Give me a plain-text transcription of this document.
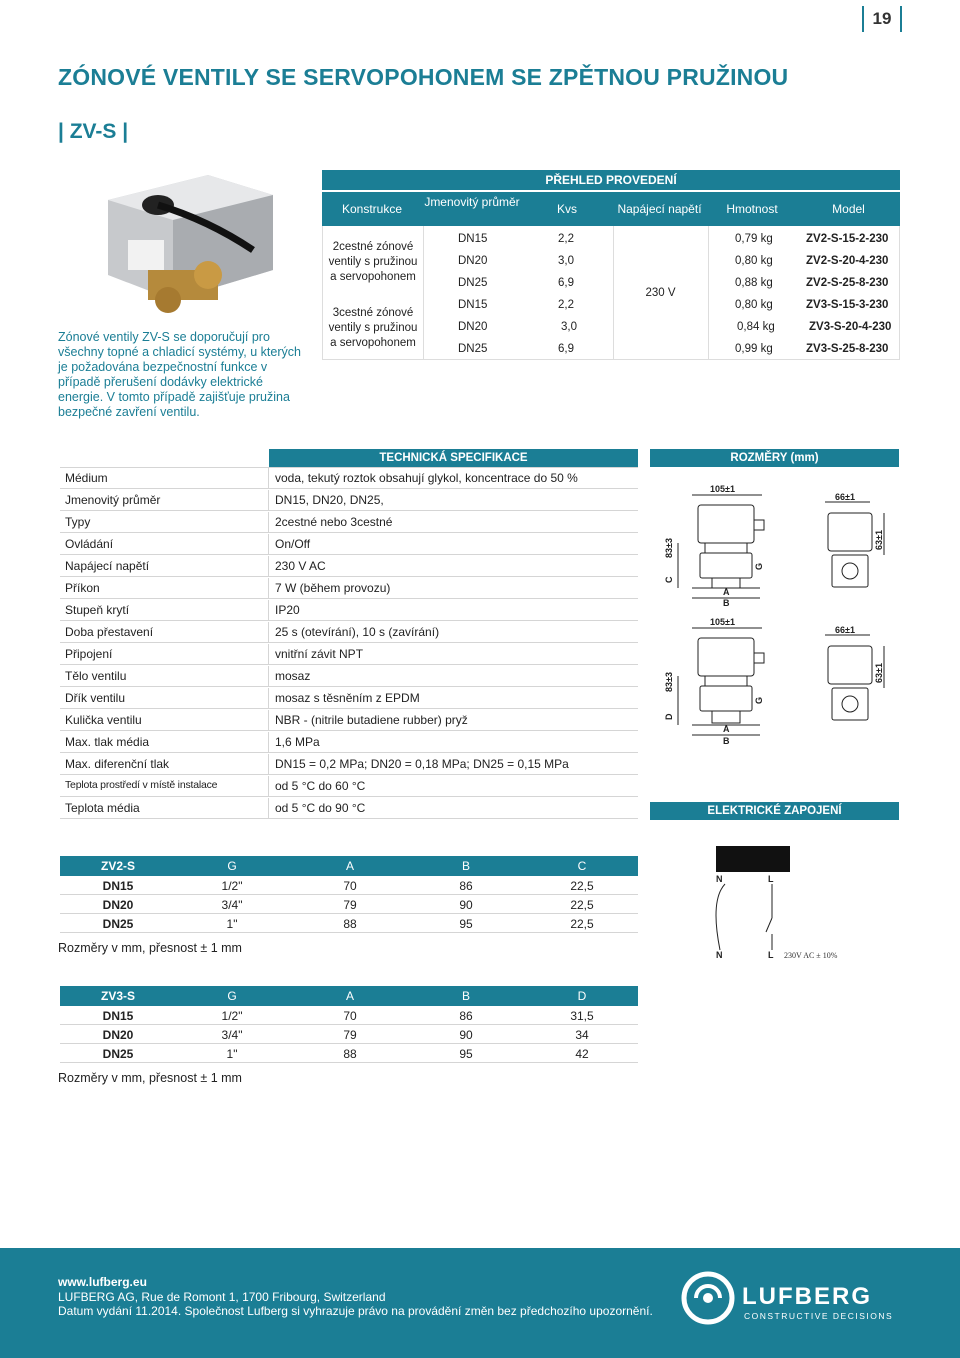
19
ZÓNOVÉ VENTILY SE SERVOPOHONEM SE ZPĚTNOU PRUŽINOU
| ZV-S |
Zónové ventily ZV-S se doporučují pro všechny topné a chladicí systémy, u kterých je požadována bezpečnostní funkce v případě přerušení dodávky elektrické energie. V tomto případě zajišťuje pružina bezpečné zavření ventilu.
PŘEHLED PROVEDENÍ
Konstrukce	Jmenovitý průměr	Kvs	Napájecí napětí	Hmotnost	Model
2cestné zónové ventily s pružinou a servopohonem
3cestné zónové ventily s pružinou a servopohonem
230 V
DN15	2,2	0,79 kg	ZV2-S-15-2-230
DN20	3,0	0,80 kg	ZV2-S-20-4-230
DN25	6,9	0,88 kg	ZV2-S-25-8-230
DN15	2,2	0,80 kg	ZV3-S-15-3-230
DN20	3,0	0,84 kg	ZV3-S-20-4-230
DN25	6,9	0,99 kg	ZV3-S-25-8-230
TECHNICKÁ SPECIFIKACE
Médium	voda, tekutý roztok obsahují glykol, koncentrace do 50 %
Jmenovitý průměr	DN15, DN20, DN25,
Typy	2cestné nebo 3cestné
Ovládání	On/Off
Napájecí napětí	230 V AC
Příkon	7 W (během provozu)
Stupeň krytí	IP20
Doba přestavení	25 s (otevírání), 10 s (zavírání)
Připojení	vnitřní závit NPT
Tělo ventilu	mosaz
Dřík ventilu	mosaz s těsněním z EPDM
Kulička ventilu	NBR - (nitrile butadiene rubber) pryž
Max. tlak média	1,6 MPa
Max. diferenční tlak	DN15 = 0,2 MPa; DN20 = 0,18 MPa; DN25 = 0,15 MPa
Teplota prostředí v místě instalace	od 5 °C do 60 °C
Teplota média	od 5 °C do 90 °C
ROZMĚRY (mm)
105±1
66±1
83±3	63±1
C
G
A
B
105±1
66±1
83±3	63±1
D
G
A
B
ELEKTRICKÉ ZAPOJENÍ
N	L
N	L 230V AC ± 10%
ZV2-S	G	A	B	C
DN15	1/2"	70	86	22,5
DN20	3/4"	79	90	22,5
DN25	1"	88	95	22,5
Rozměry v mm, přesnost ± 1 mm
ZV3-S	G	A	B	D
DN15	1/2"	70	86	31,5
DN20	3/4"	79	90	34
DN25	1"	88	95	42
Rozměry v mm, přesnost ± 1 mm
www.lufberg.eu
LUFBERG AG, Rue de Romont 1, 1700 Fribourg, Switzerland
Datum vydání 11.2014. Společnost Lufberg si vyhrazuje právo na provádění změn bez předchozího upozornění.
LUFBERG
CONSTRUCTIVE DECISIONS
